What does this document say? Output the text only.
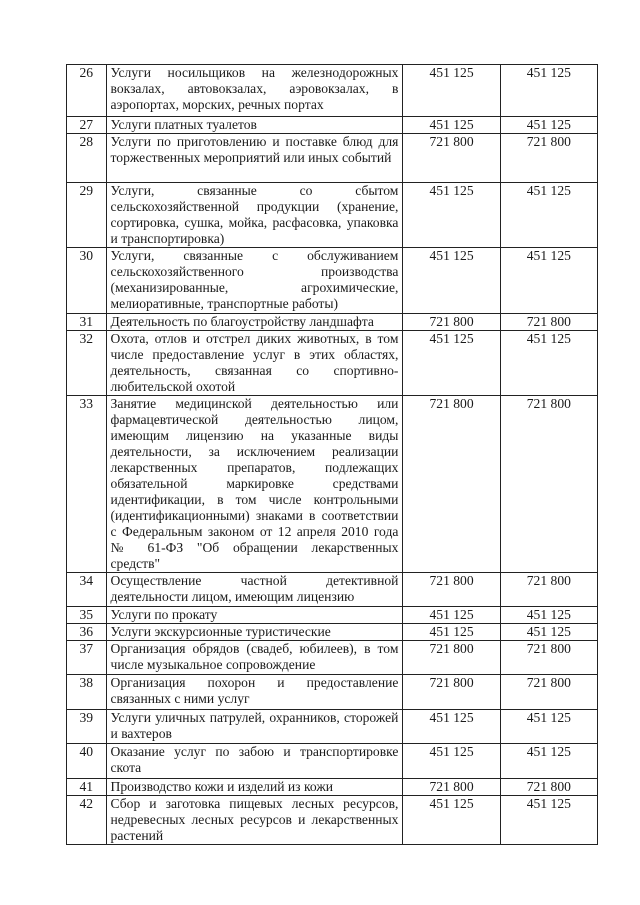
26	Услуги носильщиков на железнодорожных вокзалах, автовокзалах, аэровокзалах, в аэропортах, морских, речных портах	451 125	451 125

27	Услуги платных туалетов	451 125	451 125

28	Услуги по приготовлению и поставке блюд для торжественных мероприятий или иных событий	721 800	721 800

29	Услуги, связанные со сбытом сельскохозяйственной продукции (хранение, сортировка, сушка, мойка, расфасовка, упаковка и транспортировка)	451 125	451 125

30	Услуги, связанные с обслуживанием сельскохозяйственного производства (механизированные, агрохимические, мелиоративные, транспортные работы)	451 125	451 125

31	Деятельность по благоустройству ландшафта	721 800	721 800

32	Охота, отлов и отстрел диких животных, в том числе предоставление услуг в этих областях, деятельность, связанная со спортивно-любительской охотой	451 125	451 125

33	Занятие медицинской деятельностью или фармацевтической деятельностью лицом, имеющим лицензию на указанные виды деятельности, за исключением реализации лекарственных препаратов, подлежащих обязательной маркировке средствами идентификации, в том числе контрольными (идентификационными) знаками в соответствии с Федеральным законом от 12 апреля 2010 года № 61-ФЗ "Об обращении лекарственных средств"	721 800	721 800

34	Осуществление частной детективной деятельности лицом, имеющим лицензию	721 800	721 800

35	Услуги по прокату	451 125	451 125

36	Услуги экскурсионные туристические	451 125	451 125

37	Организация обрядов (свадеб, юбилеев), в том числе музыкальное сопровождение	721 800	721 800

38	Организация похорон и предоставление связанных с ними услуг	721 800	721 800

39	Услуги уличных патрулей, охранников, сторожей и вахтеров	451 125	451 125

40	Оказание услуг по забою и транспортировке скота	451 125	451 125

41	Производство кожи и изделий из кожи	721 800	721 800

42	Сбор и заготовка пищевых лесных ресурсов, недревесных лесных ресурсов и лекарственных растений	451 125	451 125
